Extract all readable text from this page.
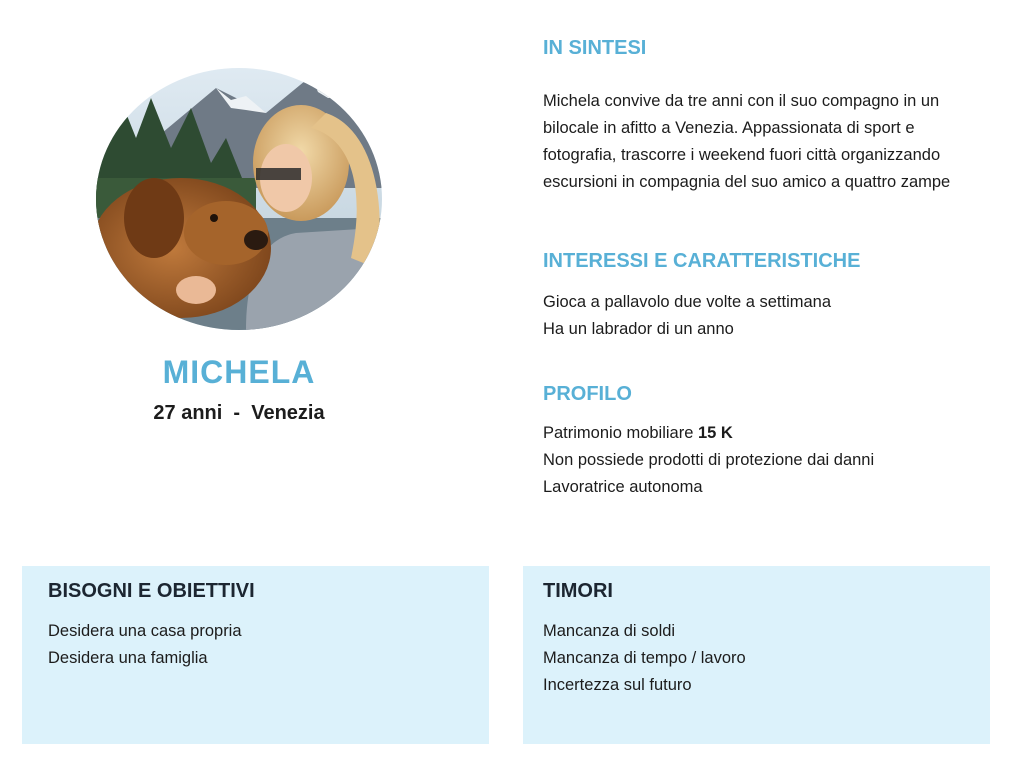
MICHELA
27 anni  -  Venezia
IN SINTESI
Michela convive da tre anni con il suo compagno in un
bilocale in afitto a Venezia. Appassionata di sport e
fotografia, trascorre i weekend fuori città organizzando
escursioni in compagnia del suo amico a quattro zampe
INTERESSI E CARATTERISTICHE
Gioca a pallavolo due volte a settimana
Ha un labrador di un anno
PROFILO
Patrimonio mobiliare 15 K
Non possiede prodotti di protezione dai danni
Lavoratrice autonoma
BISOGNI E OBIETTIVI
Desidera una casa propria
Desidera una famiglia
TIMORI
Mancanza di soldi
Mancanza di tempo / lavoro
Incertezza sul futuro
